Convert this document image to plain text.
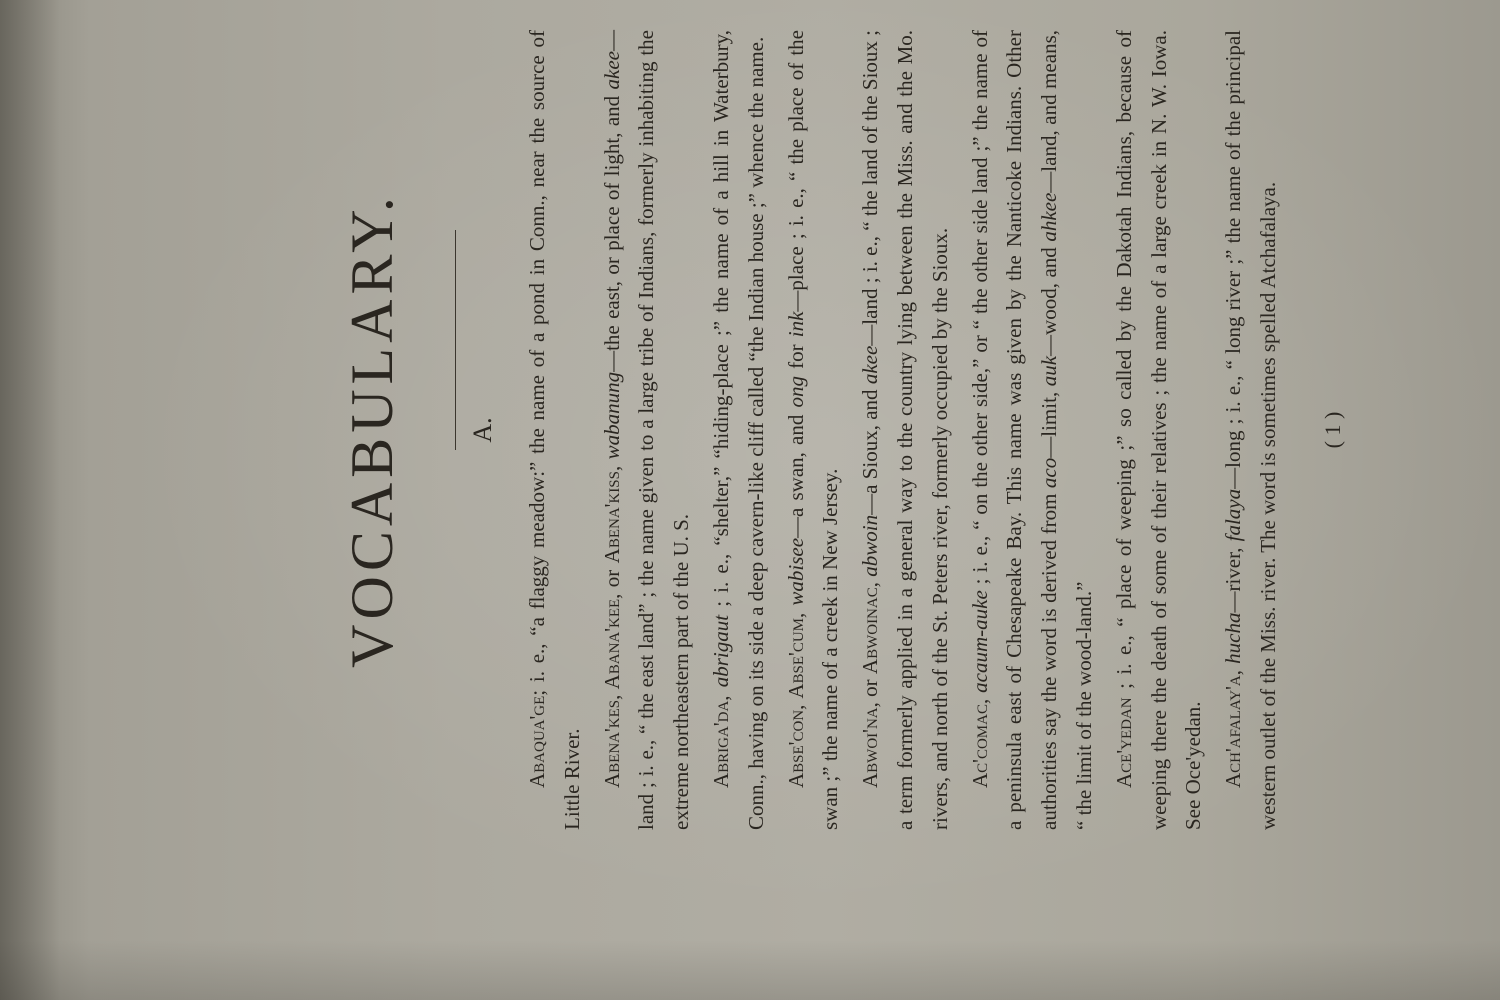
VOCABULARY. A.

Abaqua'ge; i. e., “a flaggy meadow:” the name of a pond in Conn., near the source of Little River. Abena'kes, Abana'kee, or Abena'kiss, wabanung—the east, or place of light, and akee—land ; i. e., “ the east land” ; the name given to a large tribe of Indians, formerly inhabiting the extreme northeastern part of the U. S. Abriga'da, abrigaut ; i. e., “shelter,” “hiding-place ;” the name of a hill in Waterbury, Conn., having on its side a deep cavern-like cliff called “the Indian house ;” whence the name. Abse'con, Abse'cum, wabisee—a swan, and ong for ink—place ; i. e., “ the place of the swan ;” the name of a creek in New Jersey. Abwoi'na, or Abwoinac, abwoin—a Sioux, and akee—land ; i. e., “ the land of the Sioux ; a term formerly applied in a general way to the country lying between the Miss. and the Mo. rivers, and north of the St. Peters river, formerly occupied by the Sioux. Ac'comac, acaum-auke ; i. e., “ on the other side,” or “ the other side land ;” the name of a peninsula east of Chesapeake Bay. This name was given by the Nanticoke Indians. Other authorities say the word is derived from aco—limit, auk—wood, and ahkee—land, and means, “ the limit of the wood-land.” Ace'yedan ; i. e., “ place of weeping ;” so called by the Dakotah Indians, because of weeping there the death of some of their relatives ; the name of a large creek in N. W. Iowa. See Oce'yedan. Ach'afalay'a, hucha—river, falaya—long ; i. e., “ long river ;” the name of the principal western outlet of the Miss. river. The word is sometimes spelled Atchafalaya. ( 1 )
